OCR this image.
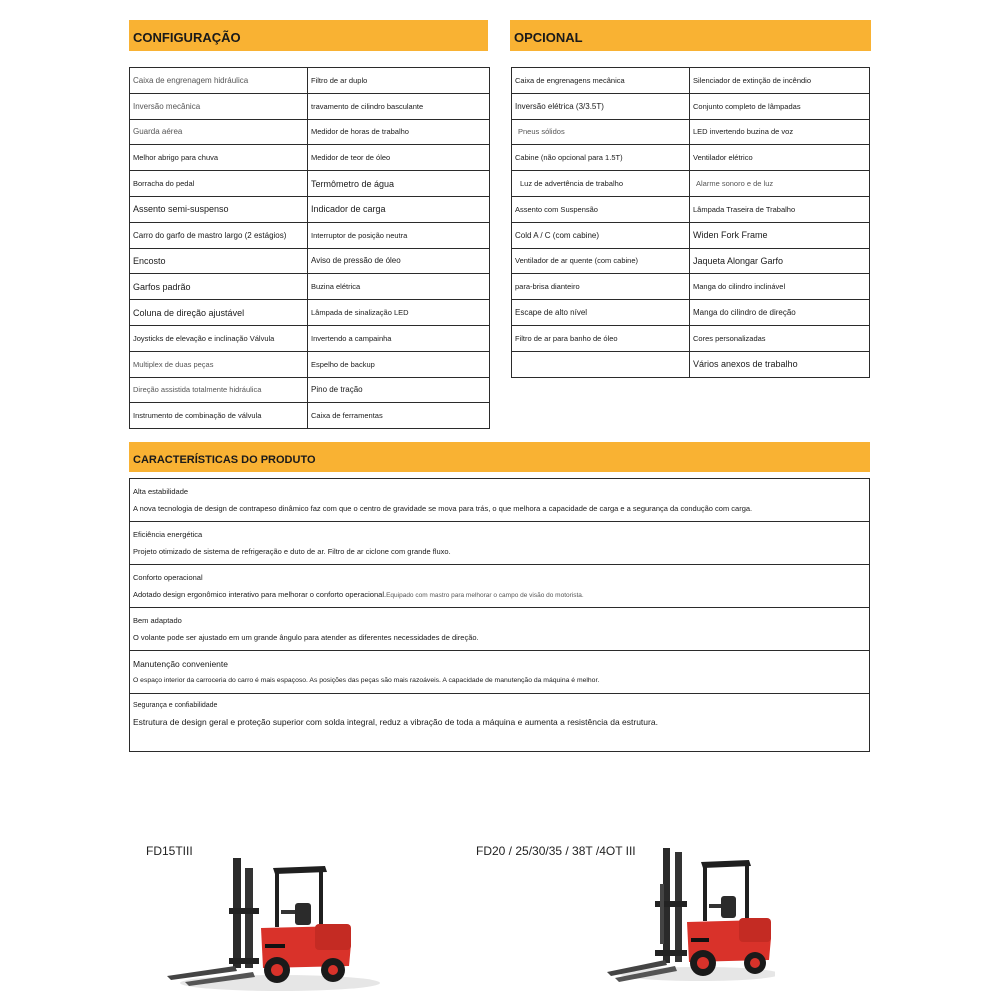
CONFIGURAÇÃO
Caixa de engrenagem hidráulica	Filtro de ar duplo
Inversão mecânica	travamento de cilindro basculante
Guarda aérea	Medidor de horas de trabalho
Melhor abrigo para chuva	Medidor de teor de óleo
Borracha do pedal	Termômetro de água
Assento semi-suspenso	Indicador de carga
Carro do garfo de mastro largo (2 estágios)	Interruptor de posição neutra
Encosto	Aviso de pressão de óleo
Garfos padrão	Buzina elétrica
Coluna de direção ajustável	Lâmpada de sinalização LED
Joysticks de elevação e inclinação Válvula	Invertendo a campainha
Multiplex de duas peças	Espelho de backup
Direção assistida totalmente hidráulica	Pino de tração
Instrumento de combinação de válvula	Caixa de ferramentas
OPCIONAL
Caixa de engrenagens mecânica	Silenciador de extinção de incêndio
Inversão elétrica (3/3.5T)	Conjunto completo de lâmpadas
Pneus sólidos	LED invertendo buzina de voz
Cabine (não opcional para 1.5T)	Ventilador elétrico
Luz de advertência de trabalho	Alarme sonoro e de luz
Assento com Suspensão	Lâmpada Traseira de Trabalho
Cold A / C (com cabine)	Widen Fork Frame
Ventilador de ar quente (com cabine)	Jaqueta Alongar Garfo
para-brisa dianteiro	Manga do cilindro inclinável
Escape de alto nível	Manga do cilindro de direção
Filtro de ar para banho de óleo	Cores personalizadas
	Vários anexos de trabalho
CARACTERÍSTICAS DO PRODUTO
Alta estabilidade
A nova tecnologia de design de contrapeso dinâmico faz com que o centro de gravidade se mova para trás, o que melhora a capacidade de carga e a segurança da condução com carga.
Eficiência energética
Projeto otimizado de sistema de refrigeração e duto de ar. Filtro de ar ciclone com grande fluxo.
Conforto operacional
Adotado design ergonômico interativo para melhorar o conforto operacional.Equipado com mastro para melhorar o campo de visão do motorista.
Bem adaptado
O volante pode ser ajustado em um grande ângulo para atender as diferentes necessidades de direção.
Manutenção conveniente
O espaço interior da carroceria do carro é mais espaçoso. As posições das peças são mais razoáveis. A capacidade de manutenção da máquina é melhor.
Segurança e confiabilidade
Estrutura de design geral e proteção superior com solda integral, reduz a vibração de toda a máquina e aumenta a resistência da estrutura.
FD15TIII	FD20 / 25/30/35 / 38T /4OT III
